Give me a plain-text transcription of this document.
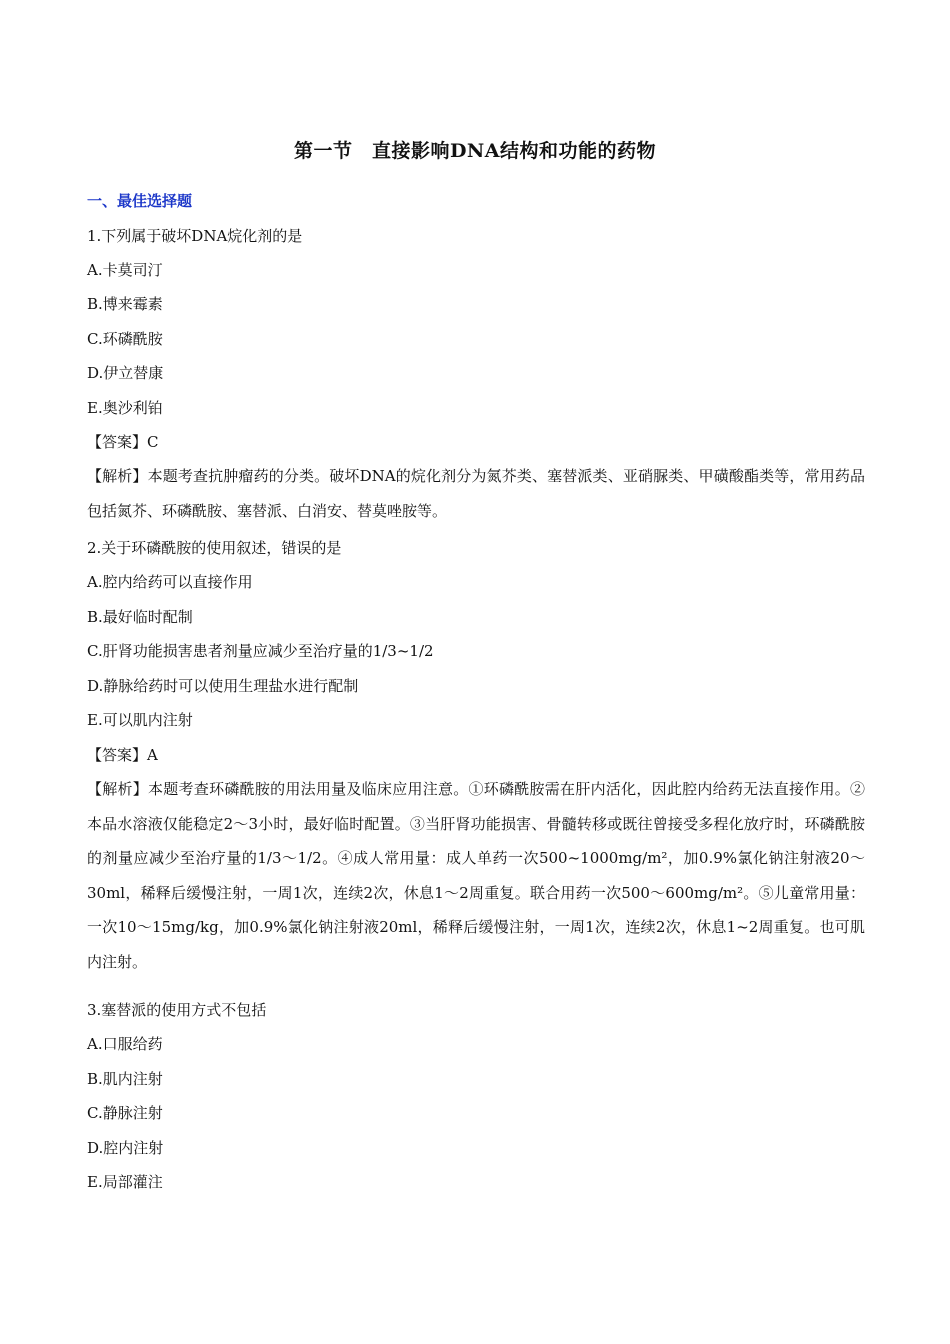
第一节　直接影响DNA结构和功能的药物
一、最佳选择题
1.下列属于破坏DNA烷化剂的是
A.卡莫司汀
B.博来霉素
C.环磷酰胺
D.伊立替康
E.奥沙利铂
【答案】C
【解析】本题考查抗肿瘤药的分类。破坏DNA的烷化剂分为氮芥类、塞替派类、亚硝脲类、甲磺酸酯类等，常用药品包括氮芥、环磷酰胺、塞替派、白消安、替莫唑胺等。
2.关于环磷酰胺的使用叙述，错误的是
A.腔内给药可以直接作用
B.最好临时配制
C.肝肾功能损害患者剂量应减少至治疗量的1/3~1/2
D.静脉给药时可以使用生理盐水进行配制
E.可以肌内注射
【答案】A
【解析】本题考查环磷酰胺的用法用量及临床应用注意。①环磷酰胺需在肝内活化，因此腔内给药无法直接作用。②本品水溶液仅能稳定2～3小时，最好临时配置。③当肝肾功能损害、骨髓转移或既往曾接受多程化放疗时，环磷酰胺的剂量应减少至治疗量的1/3～1/2。④成人常用量：成人单药一次500~1000mg/m²，加0.9%氯化钠注射液20～30ml，稀释后缓慢注射，一周1次，连续2次，休息1～2周重复。联合用药一次500～600mg/m²。⑤儿童常用量：一次10～15mg/kg，加0.9%氯化钠注射液20ml，稀释后缓慢注射，一周1次，连续2次，休息1~2周重复。也可肌内注射。
3.塞替派的使用方式不包括
A.口服给药
B.肌内注射
C.静脉注射
D.腔内注射
E.局部灌注
